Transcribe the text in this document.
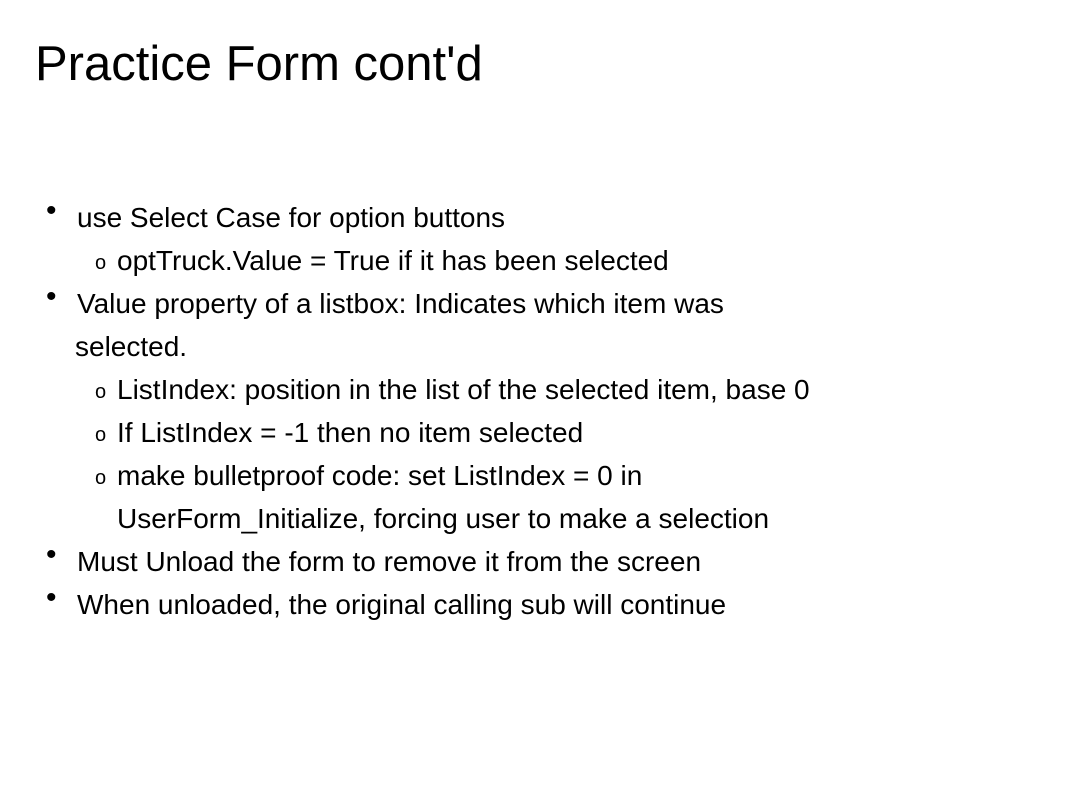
Practice Form cont'd
• use Select Case for option buttons
o optTruck.Value = True if it has been selected
• Value property of a listbox: Indicates which item was
selected.
o ListIndex: position in the list of the selected item, base 0
o If ListIndex = -1 then no item selected
o make bulletproof code: set ListIndex = 0 in
UserForm_Initialize, forcing user to make a selection
• Must Unload the form to remove it from the screen
• When unloaded, the original calling sub will continue
